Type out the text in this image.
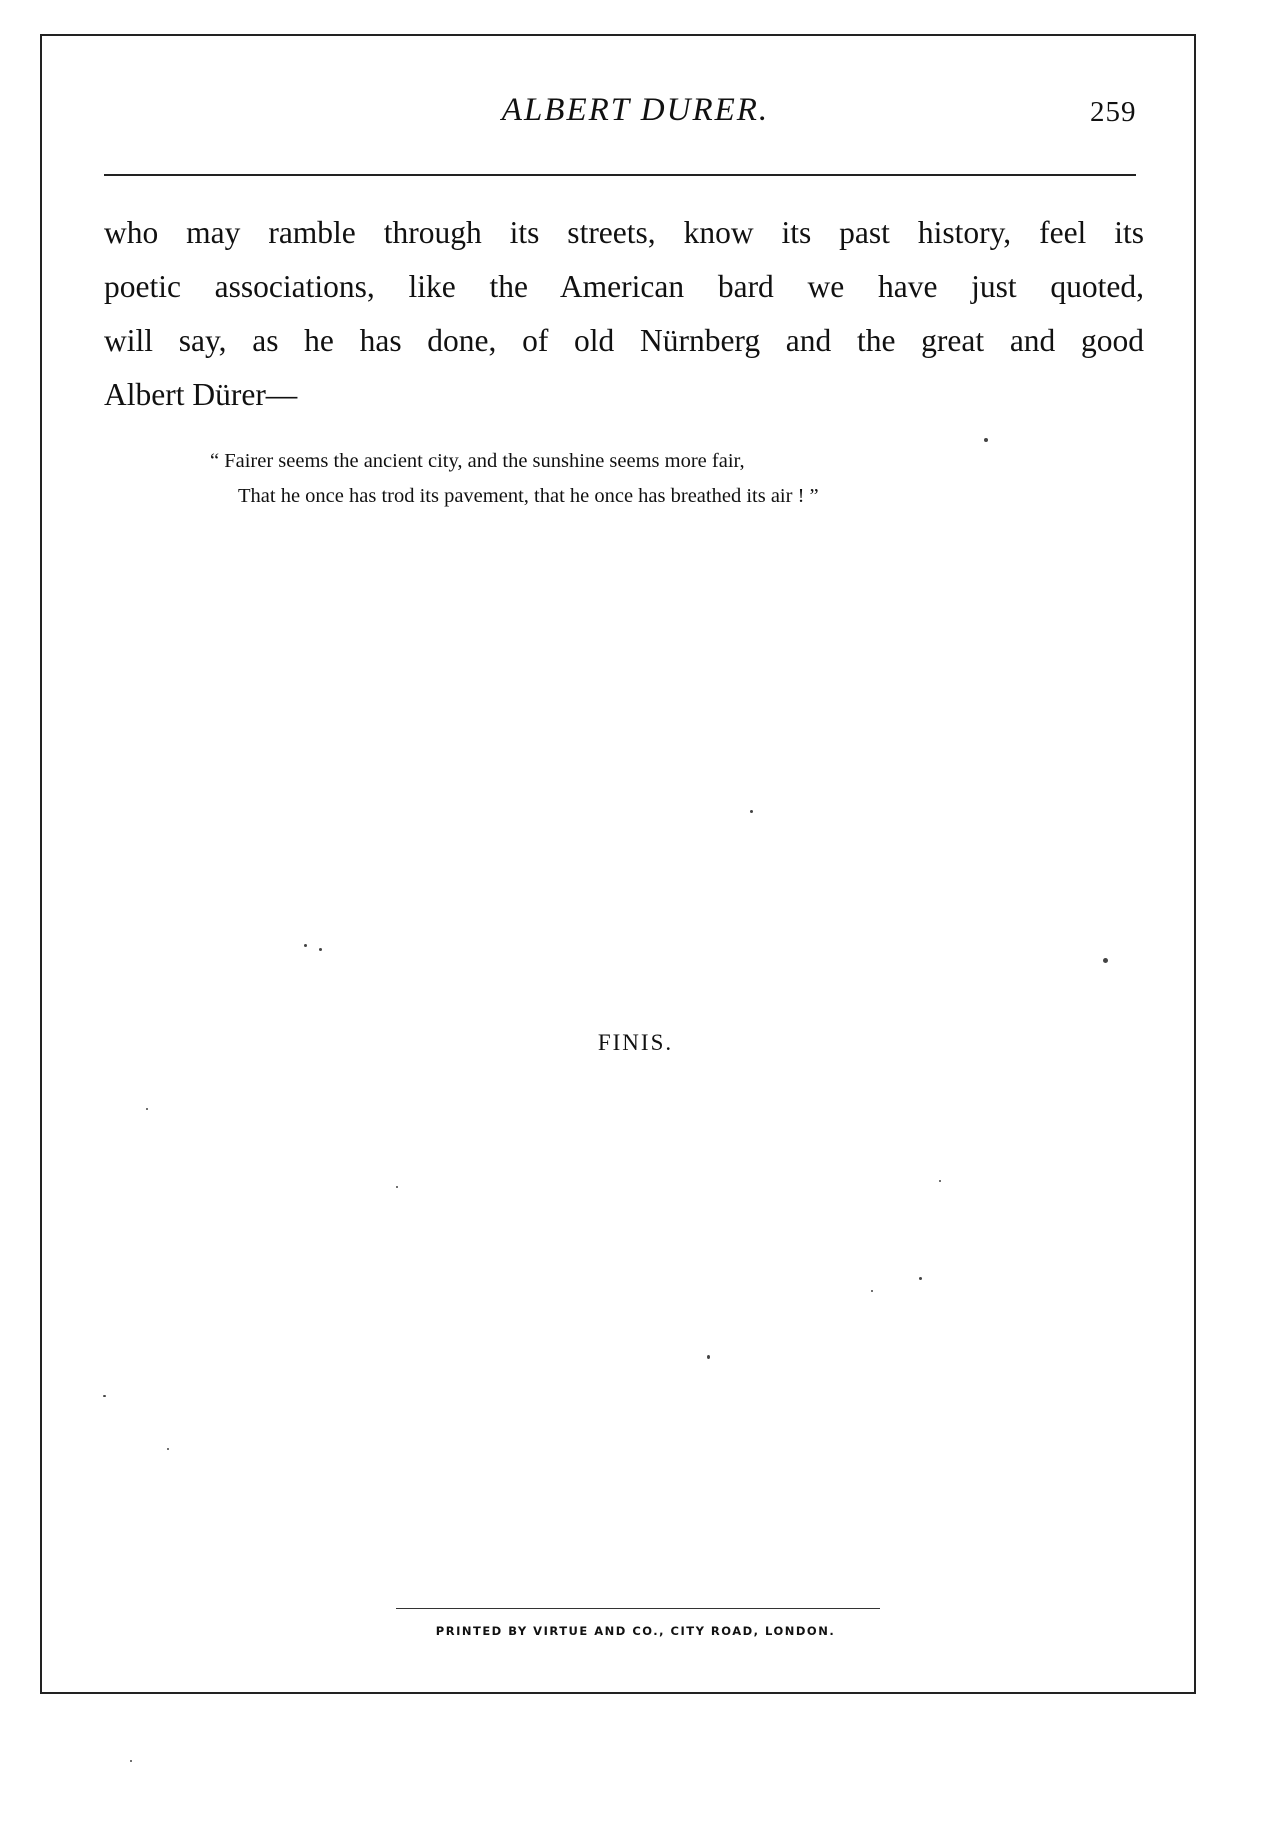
ALBERT DURER.	259

who may ramble through its streets, know its past history, feel its
poetic associations, like the American bard we have just quoted,
will say, as he has done, of old Nürnberg and the great and good
Albert Dürer—

“ Fairer seems the ancient city, and the sunshine seems more fair,
That he once has trod its pavement, that he once has breathed its air ! ”

FINIS.
PRINTED BY VIRTUE AND CO., CITY ROAD, LONDON.
